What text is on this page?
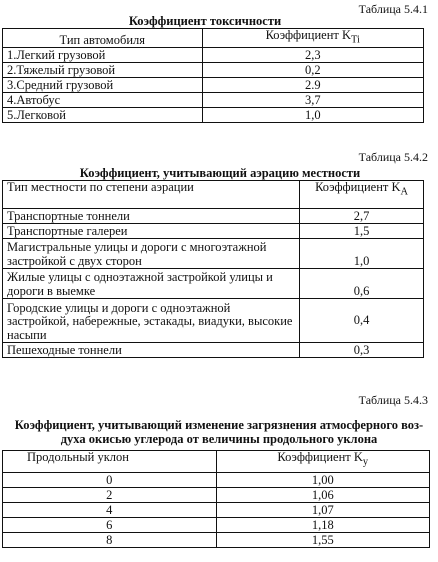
Таблица 5.4.1
Коэффициент токсичности
Тип автомобиля	Коэффициент $K_{Ti}$
1.Легкий грузовой	2,3
2.Тяжелый грузовой	0,2
3.Средний грузовой	2.9
4.Автобус	3,7
5.Легковой	1,0
Таблица 5.4.2
Коэффициент, учитывающий аэрацию местности
Тип местности по степени аэрации	Коэффициент $K_A$
Транспортные тоннели	2,7
Транспортные галереи	1,5
Магистральные улицы и дороги с многоэтажной застройкой с двух сторон	1,0
Жилые улицы с одноэтажной застройкой улицы и дороги в выемке	0,6
Городские улицы и дороги с одноэтажной застройкой, набережные, эстакады, виадуки, высокие насыпи	0,4
Пешеходные тоннели	0,3
Таблица 5.4.3
Коэффициент, учитывающий изменение загрязнения атмосферного воз-
духа окисью углерода от величины продольного уклона
Продольный уклон	Коэффициент $K_y$
0	1,00
2	1,06
4	1,07
6	1,18
8	1,55
